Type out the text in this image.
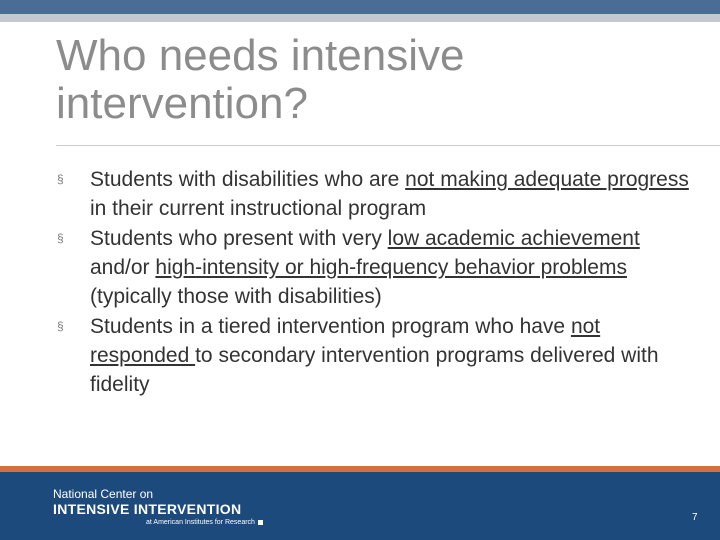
Who needs intensive intervention?
§ Students with disabilities who are not making adequate progress in their current instructional program
§ Students who present with very low academic achievement and/or high-intensity or high-frequency behavior problems (typically those with disabilities)
§ Students in a tiered intervention program who have not responded to secondary intervention programs delivered with fidelity
National Center on
INTENSIVE INTERVENTION
at American Institutes for Research	7
